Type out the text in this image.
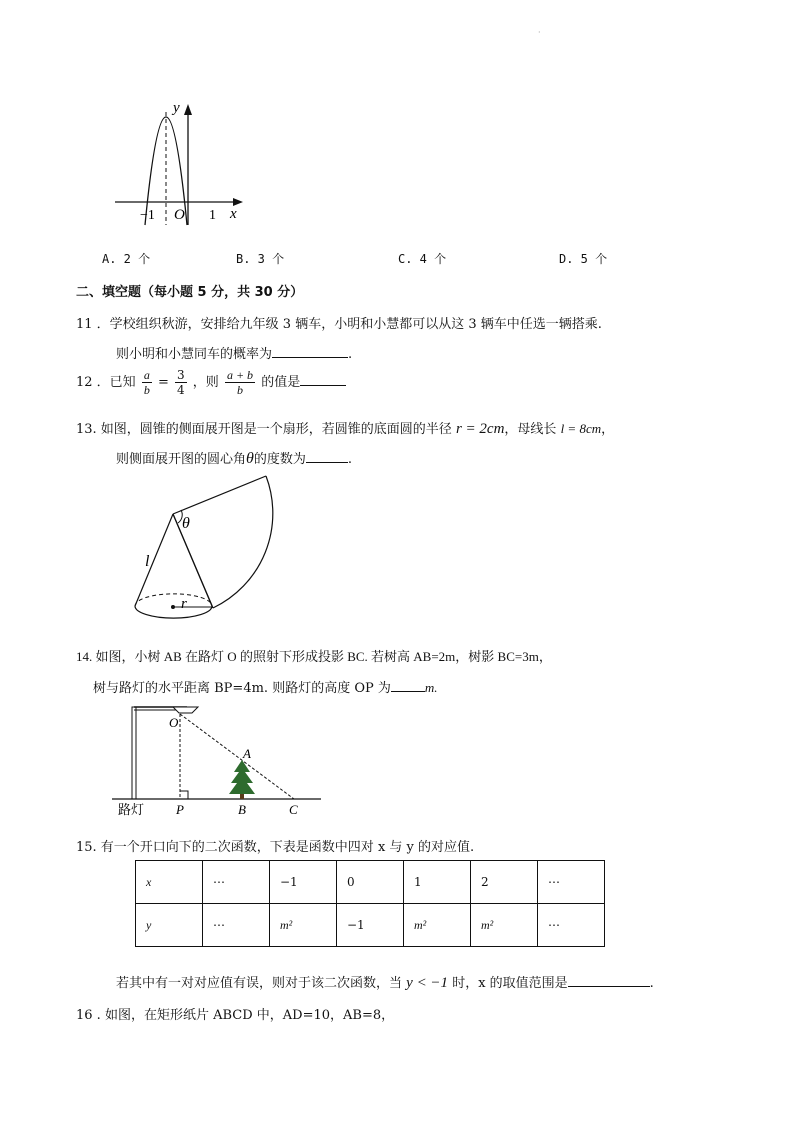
·
y
x
O
−1	1
A. 2 个	B. 3 个	C. 4 个	D. 5 个
二、填空题（每小题 5 分，共 30 分）
11 ．学校组织秋游，安排给九年级 3 辆车，小明和小慧都可以从这 3 辆车中任选一辆搭乘.
则小明和小慧同车的概率为	.
12 ．已知 $\frac{a}{b} = \frac{3}{4}$ ，则 $\frac{a + b}{b}$ 的值是
13. 如图，圆锥的侧面展开图是一个扇形，若圆锥的底面圆的半径 r = 2cm，母线长 l = 8cm，
则侧面展开图的圆心角θ的度数为	.
θ
l
r
14. 如图，小树 AB 在路灯 O 的照射下形成投影 BC. 若树高 AB=2m，树影 BC=3m，
树与路灯的水平距离 BP=4m. 则路灯的高度 OP 为	m.
O
A
P	B	C
路灯
15. 有一个开口向下的二次函数，下表是函数中四对 x 与 y 的对应值.
x	⋯	−1	0	1	2	⋯
y	⋯	m²	−1	m²	m²	⋯
若其中有一对对应值有误，则对于该二次函数，当 y < −1 时，x 的取值范围是	.
16 . 如图，在矩形纸片 ABCD 中，AD=10，AB=8，
